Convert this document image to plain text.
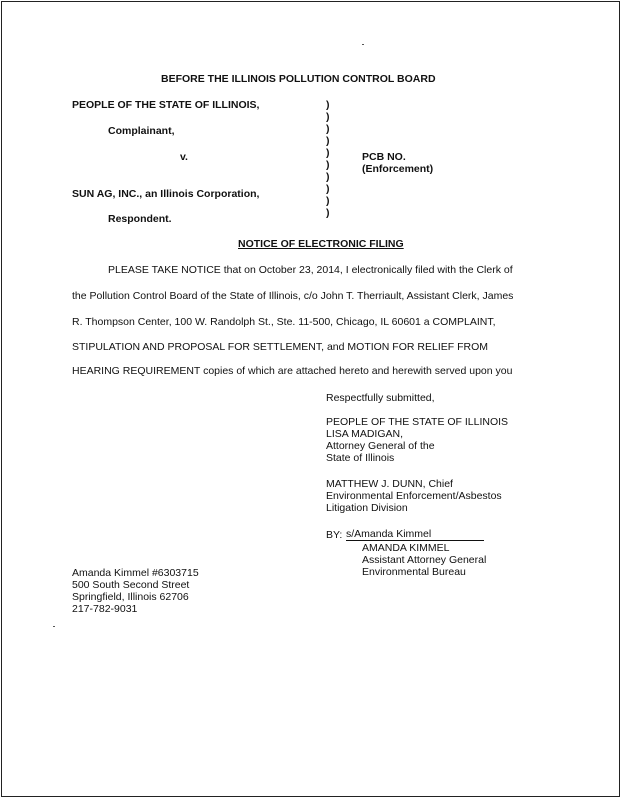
BEFORE THE ILLINOIS POLLUTION CONTROL BOARD
PEOPLE OF THE STATE OF ILLINOIS,
Complainant,
v.
SUN AG, INC., an Illinois Corporation,
Respondent.
PCB NO.
(Enforcement)
)
)
)
)
)
)
)
)
)
)
NOTICE OF ELECTRONIC FILING
PLEASE TAKE NOTICE that on October 23, 2014, I electronically filed with the Clerk of
the Pollution Control Board of the State of Illinois, c/o John T. Therriault, Assistant Clerk, James
R. Thompson Center, 100 W. Randolph St., Ste. 11-500, Chicago, IL 60601 a COMPLAINT,
STIPULATION AND PROPOSAL FOR SETTLEMENT, and MOTION FOR RELIEF FROM
HEARING REQUIREMENT copies of which are attached hereto and herewith served upon you
Respectfully submitted,
PEOPLE OF THE STATE OF ILLINOIS
LISA MADIGAN,
Attorney General of the
State of Illinois
MATTHEW J. DUNN, Chief
Environmental Enforcement/Asbestos
Litigation Division
BY: s/Amanda Kimmel
AMANDA KIMMEL
Assistant Attorney General
Environmental Bureau
Amanda Kimmel #6303715
500 South Second Street
Springfield, Illinois 62706
217-782-9031
